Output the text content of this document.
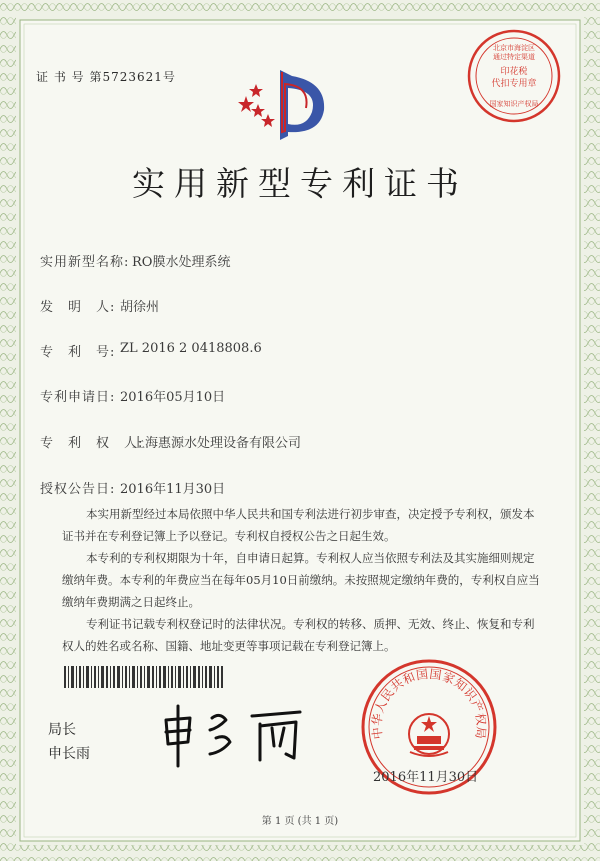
证 书 号 第5723621号
北京市海淀区
通过特定渠道
印花税
代扣专用章
国家知识产权局
实用新型专利证书
实用新型名称: RO膜水处理系统
发　明　人: 胡徐州
专　利　号: ZL 2016 2 0418808.6
专利申请日: 2016年05月10日
专　利　权　人:
上海惠源水处理设备有限公司
授权公告日: 2016年11月30日

本实用新型经过本局依照中华人民共和国专利法进行初步审查，决定授予专利权，颁发本证书并在专利登记簿上予以登记。专利权自授权公告之日起生效。

本专利的专利权期限为十年，自申请日起算。专利权人应当依照专利法及其实施细则规定缴纳年费。本专利的年费应当在每年05月10日前缴纳。未按照规定缴纳年费的，专利权自应当缴纳年费期满之日起终止。

专利证书记载专利权登记时的法律状况。专利权的转移、质押、无效、终止、恢复和专利权人的姓名或名称、国籍、地址变更等事项记载在专利登记簿上。

局长
申长雨
中华人民共和国国家知识产权局
2016年11月30日
第 1 页 (共 1 页)
